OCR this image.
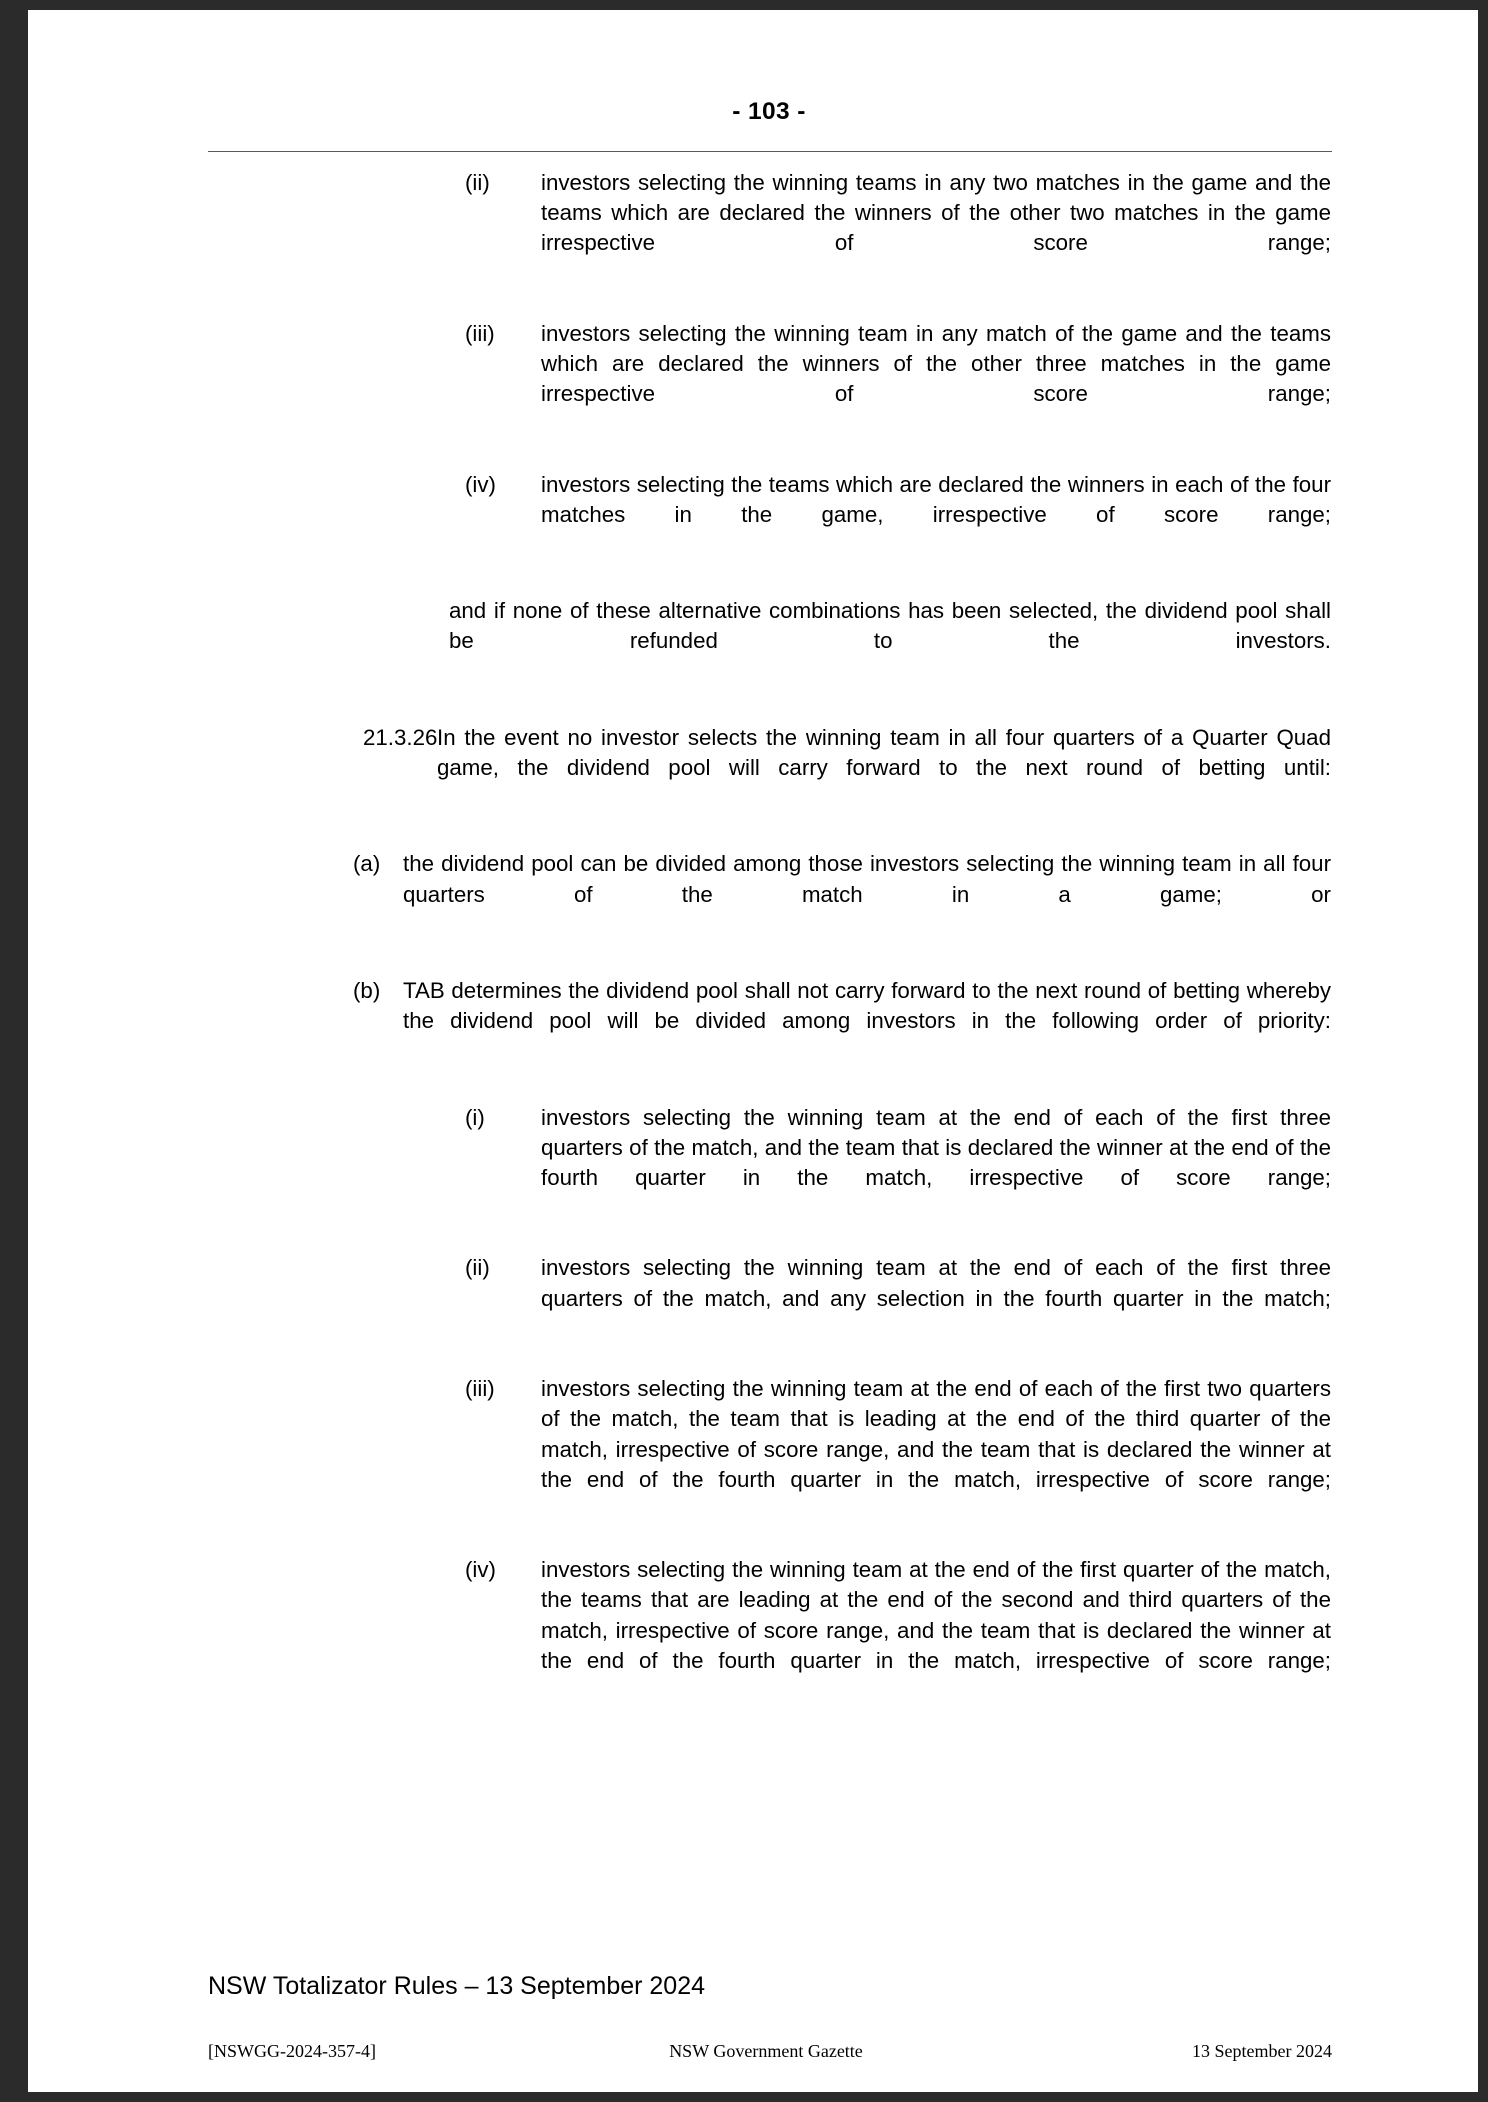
- 103 -
(ii) investors selecting the winning teams in any two matches in the game and the teams which are declared the winners of the other two matches in the game irrespective of score range;
(iii) investors selecting the winning team in any match of the game and the teams which are declared the winners of the other three matches in the game irrespective of score range;
(iv) investors selecting the teams which are declared the winners in each of the four matches in the game, irrespective of score range;
and if none of these alternative combinations has been selected, the dividend pool shall be refunded to the investors.
21.3.26 In the event no investor selects the winning team in all four quarters of a Quarter Quad game, the dividend pool will carry forward to the next round of betting until:
(a) the dividend pool can be divided among those investors selecting the winning team in all four quarters of the match in a game; or
(b) TAB determines the dividend pool shall not carry forward to the next round of betting whereby the dividend pool will be divided among investors in the following order of priority:
(i)	investors selecting the winning team at the end of each of the first three quarters of the match, and the team that is declared the winner at the end of the fourth quarter in the match, irrespective of score range;
(ii) investors selecting the winning team at the end of each of the first three quarters of the match, and any selection in the fourth quarter in the match;
(iii) investors selecting the winning team at the end of each of the first two quarters of the match, the team that is leading at the end of the third quarter of the match, irrespective of score range, and the team that is declared the winner at the end of the fourth quarter in the match, irrespective of score range;
(iv) investors selecting the winning team at the end of the first quarter of the match, the teams that are leading at the end of the second and third quarters of the match, irrespective of score range, and the team that is declared the winner at the end of the fourth quarter in the match, irrespective of score range;
NSW Totalizator Rules – 13 September 2024
[NSWGG-2024-357-4]	NSW Government Gazette	13 September 2024
